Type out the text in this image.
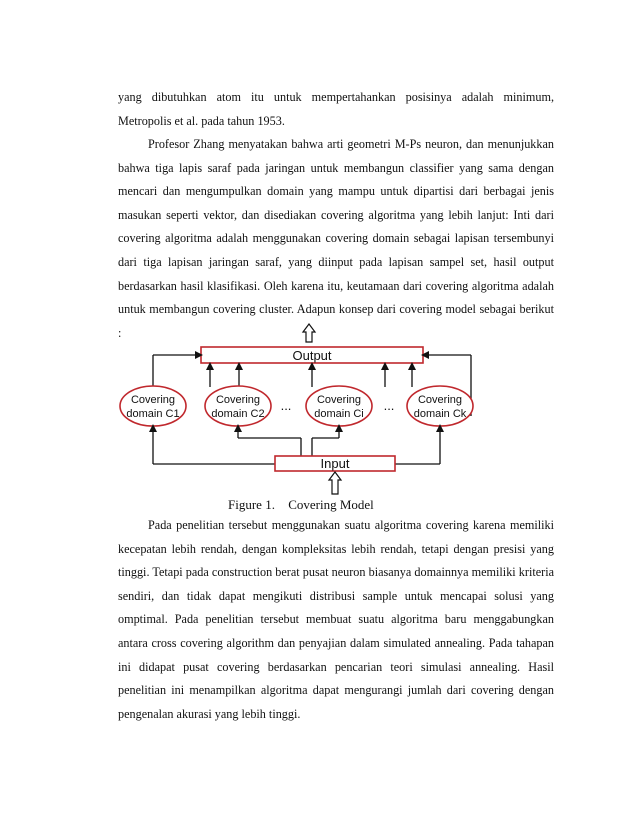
yang dibutuhkan atom itu untuk mempertahankan posisinya adalah minimum, Metropolis et al. pada tahun 1953.

Profesor Zhang menyatakan bahwa arti geometri M-Ps neuron, dan menunjukkan bahwa tiga lapis saraf pada jaringan untuk membangun classifier yang sama dengan mencari dan mengumpulkan domain yang mampu untuk dipartisi dari berbagai jenis masukan seperti vektor, dan disediakan covering algoritma yang lebih lanjut: Inti dari covering algoritma adalah menggunakan covering domain sebagai lapisan tersembunyi dari tiga lapisan jaringan saraf, yang diinput pada lapisan sampel set, hasil output berdasarkan hasil klasifikasi. Oleh karena itu, keutamaan dari covering algoritma adalah untuk membangun covering cluster. Adapun konsep dari covering model sebagai berikut :

Output
Covering
domain C1
Covering
domain C2
Covering
domain Ci
Covering
domain Ck
...	...
Input
Figure 1. Covering Model

Pada penelitian tersebut menggunakan suatu algoritma covering karena memiliki kecepatan lebih rendah, dengan kompleksitas lebih rendah, tetapi dengan presisi yang tinggi. Tetapi pada construction berat pusat neuron biasanya domainnya memiliki kriteria sendiri, dan tidak dapat mengikuti distribusi sample untuk mencapai solusi yang omptimal. Pada penelitian tersebut membuat suatu algoritma baru menggabungkan antara cross covering algorithm dan penyajian dalam simulated annealing. Pada tahapan ini didapat pusat covering berdasarkan pencarian teori simulasi annealing. Hasil penelitian ini menampilkan algoritma dapat mengurangi jumlah dari covering dengan pengenalan akurasi yang lebih tinggi.
